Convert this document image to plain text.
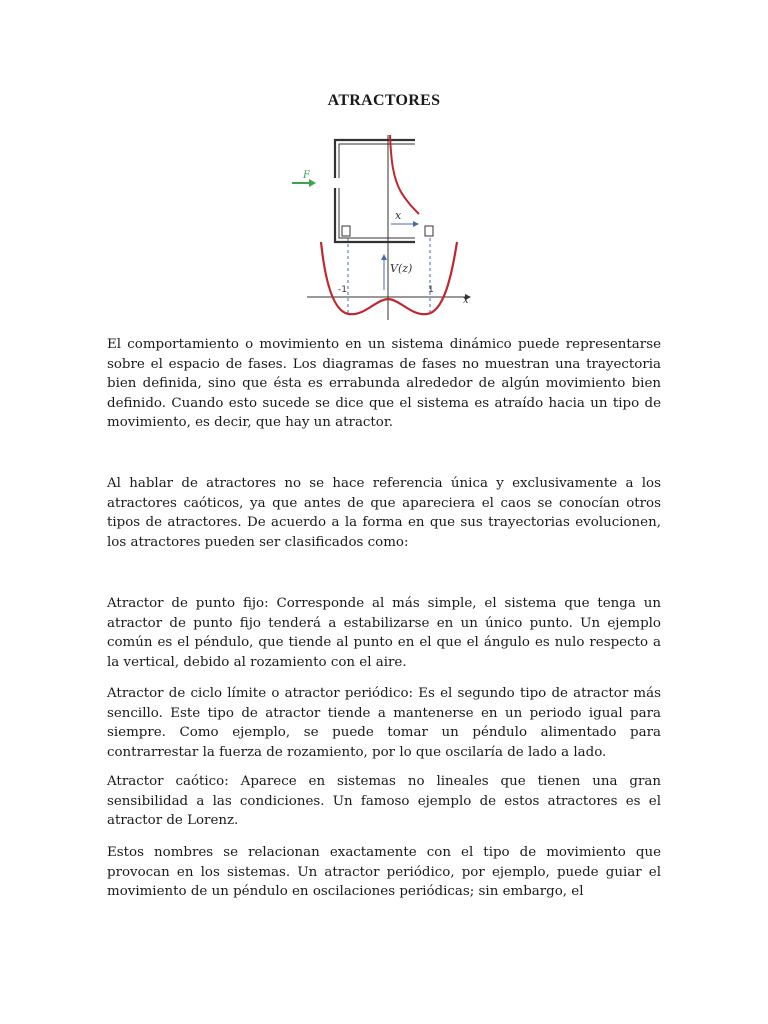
ATRACTORES
x
F
x
V(z)
-1	1

El comportamiento o movimiento en un sistema dinámico puede representarse sobre el espacio de fases. Los diagramas de fases no muestran una trayectoria bien definida, sino que ésta es errabunda alrededor de algún movimiento bien definido. Cuando esto sucede se dice que el sistema es atraído hacia un tipo de movimiento, es decir, que hay un atractor.

Al hablar de atractores no se hace referencia única y exclusivamente a los atractores caóticos, ya que antes de que apareciera el caos se conocían otros tipos de atractores. De acuerdo a la forma en que sus trayectorias evolucionen, los atractores pueden ser clasificados como:

Atractor de punto fijo: Corresponde al más simple, el sistema que tenga un atractor de punto fijo tenderá a estabilizarse en un único punto. Un ejemplo común es el péndulo, que tiende al punto en el que el ángulo es nulo respecto a la vertical, debido al rozamiento con el aire.

Atractor de ciclo límite o atractor periódico: Es el segundo tipo de atractor más sencillo. Este tipo de atractor tiende a mantenerse en un periodo igual para siempre. Como ejemplo, se puede tomar un péndulo alimentado para contrarrestar la fuerza de rozamiento, por lo que oscilaría de lado a lado.

Atractor caótico: Aparece en sistemas no lineales que tienen una gran sensibilidad a las condiciones. Un famoso ejemplo de estos atractores es el atractor de Lorenz.

Estos nombres se relacionan exactamente con el tipo de movimiento que provocan en los sistemas. Un atractor periódico, por ejemplo, puede guiar el movimiento de un péndulo en oscilaciones periódicas; sin embargo, el
